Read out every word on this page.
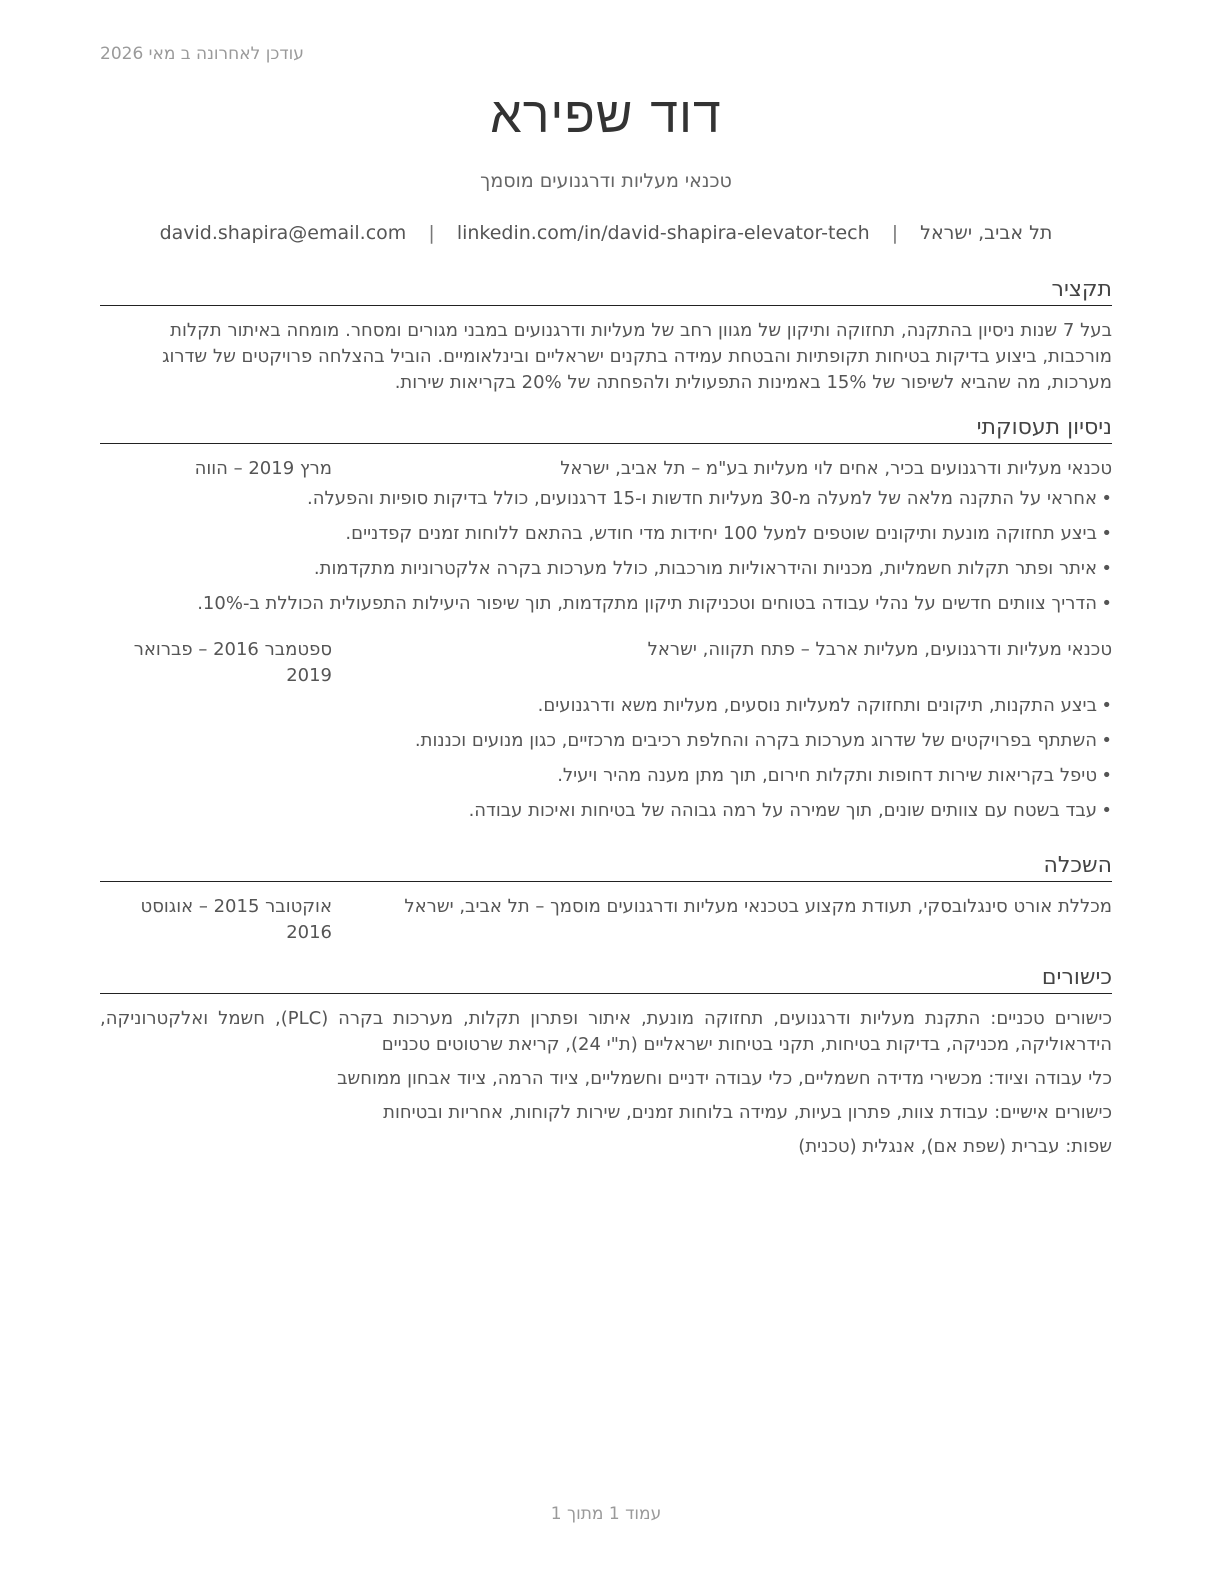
עודכן לאחרונה ב מאי 2026
דוד שפירא
טכנאי מעליות ודרגנועים מוסמך
תל אביב, ישראל | david.shapira@email.com | linkedin.com/in/david-shapira-elevator-tech
תקציר
בעל 7 שנות ניסיון בהתקנה, תחזוקה ותיקון של מגוון רחב של מעליות ודרגנועים במבני מגורים ומסחר. מומחה באיתור תקלות מורכבות, ביצוע בדיקות בטיחות תקופתיות והבטחת עמידה בתקנים ישראליים ובינלאומיים. הוביל בהצלחה פרויקטים של שדרוג מערכות, מה שהביא לשיפור של 15% באמינות התפעולית ולהפחתה של 20% בקריאות שירות.
ניסיון תעסוקתי
טכנאי מעליות ודרגנועים בכיר, אחים לוי מעליות בע"מ – תל אביב, ישראל
מרץ 2019 – הווה
• אחראי על התקנה מלאה של למעלה מ-30 מעליות חדשות ו-15 דרגנועים, כולל בדיקות סופיות והפעלה.
• ביצע תחזוקה מונעת ותיקונים שוטפים למעל 100 יחידות מדי חודש, בהתאם ללוחות זמנים קפדניים.
• איתר ופתר תקלות חשמליות, מכניות והידראוליות מורכבות, כולל מערכות בקרה אלקטרוניות מתקדמות.
• הדריך צוותים חדשים על נהלי עבודה בטוחים וטכניקות תיקון מתקדמות, תוך שיפור היעילות התפעולית הכוללת ב-10%.
טכנאי מעליות ודרגנועים, מעליות ארבל – פתח תקווה, ישראל
ספטמבר 2016 – פברואר 2019
• ביצע התקנות, תיקונים ותחזוקה למעליות נוסעים, מעליות משא ודרגנועים.
• השתתף בפרויקטים של שדרוג מערכות בקרה והחלפת רכיבים מרכזיים, כגון מנועים וכננות.
• טיפל בקריאות שירות דחופות ותקלות חירום, תוך מתן מענה מהיר ויעיל.
• עבד בשטח עם צוותים שונים, תוך שמירה על רמה גבוהה של בטיחות ואיכות עבודה.
השכלה
מכללת אורט סינגלובסקי, תעודת מקצוע בטכנאי מעליות ודרגנועים מוסמך – תל אביב, ישראל
אוקטובר 2015 – אוגוסט 2016
כישורים
כישורים טכניים: התקנת מעליות ודרגנועים, תחזוקה מונעת, איתור ופתרון תקלות, מערכות בקרה (PLC), חשמל ואלקטרוניקה, הידראוליקה, מכניקה, בדיקות בטיחות, תקני בטיחות ישראליים (ת"י 24), קריאת שרטוטים טכניים
כלי עבודה וציוד: מכשירי מדידה חשמליים, כלי עבודה ידניים וחשמליים, ציוד הרמה, ציוד אבחון ממוחשב
כישורים אישיים: עבודת צוות, פתרון בעיות, עמידה בלוחות זמנים, שירות לקוחות, אחריות ובטיחות
שפות: עברית (שפת אם), אנגלית (טכנית)
עמוד 1 מתוך 1
